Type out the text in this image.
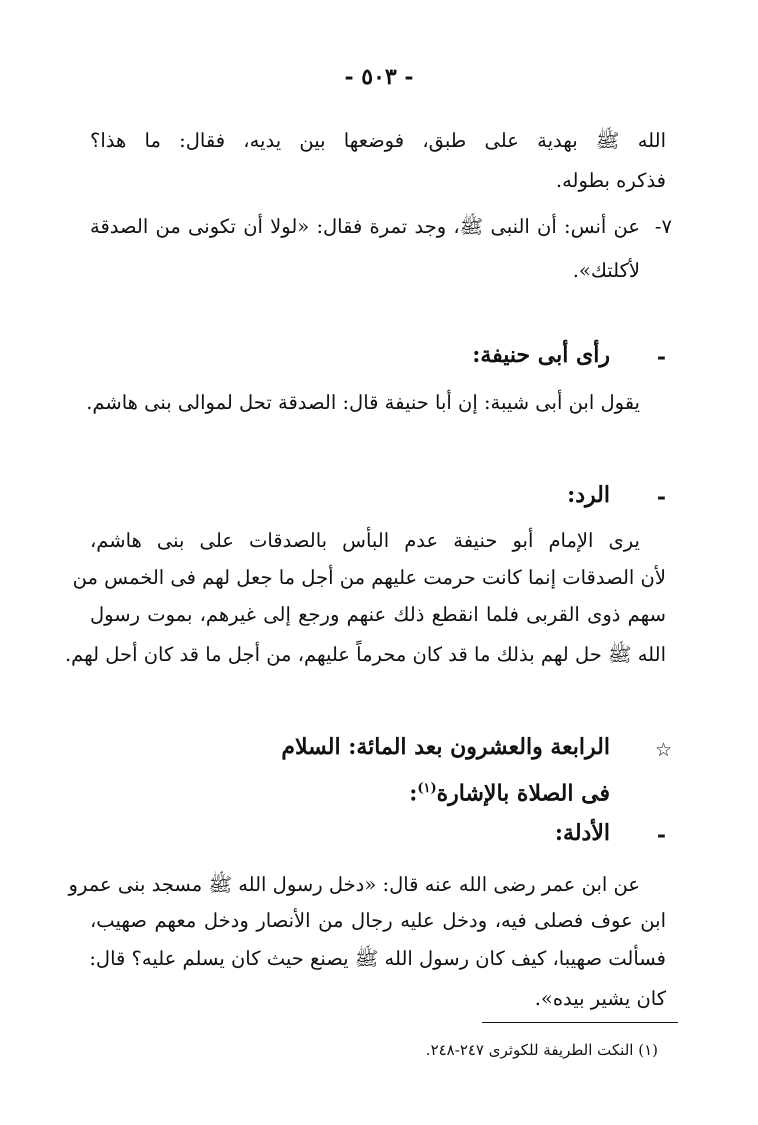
- ٥٠٣ -
الله ﷺ بهدية على طبق، فوضعها بين يديه، فقال: ما هذا؟
فذكره بطوله.
٧-
عن أنس: أن النبى ﷺ، وجد تمرة فقال: «لولا أن تكونى من الصدقة
لأكلتك».
-
رأى أبى حنيفة:
يقول ابن أبى شيبة: إن أبا حنيفة قال: الصدقة تحل لموالى بنى هاشم.
-
الرد:
يرى الإمام أبو حنيفة عدم البأس بالصدقات على بنى هاشم،
لأن الصدقات إنما كانت حرمت عليهم من أجل ما جعل لهم فى الخمس من
سهم ذوى القربى فلما انقطع ذلك عنهم ورجع إلى غيرهم، بموت رسول
الله ﷺ حل لهم بذلك ما قد كان محرماً عليهم، من أجل ما قد كان أحل لهم.
☆
الرابعة والعشرون بعد المائة: السلام
فى الصلاة بالإشارة$^{(١)}$:
-
الأدلة:
عن ابن عمر رضى الله عنه قال: «دخل رسول الله ﷺ مسجد بنى عمرو
ابن عوف فصلى فيه، ودخل عليه رجال من الأنصار ودخل معهم صهيب،
فسألت صهيبا، كيف كان رسول الله ﷺ يصنع حيث كان يسلم عليه؟ قال:
كان يشير بيده».
(١) النكت الطريفة للكوثرى ٢٤٧-٢٤٨.
